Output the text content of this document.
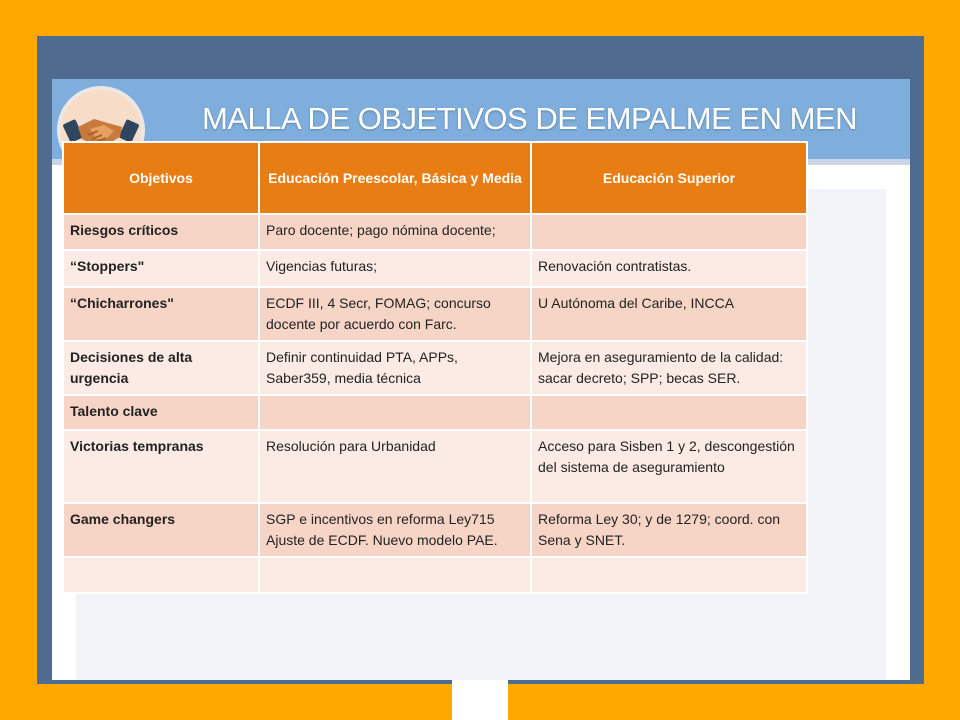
MALLA DE OBJETIVOS DE EMPALME EN MEN
Objetivos	Educación Preescolar, Básica y Media	Educación Superior
Riesgos críticos	Paro docente; pago nómina docente;	
“Stoppers"	Vigencias futuras;	Renovación contratistas.
“Chicharrones"	ECDF III, 4 Secr, FOMAG; concurso docente por acuerdo con Farc.	U Autónoma del Caribe, INCCA
Decisiones de alta urgencia	Definir continuidad PTA, APPs, Saber359, media técnica	Mejora en aseguramiento de la calidad: sacar decreto; SPP; becas SER.
Talento clave		
Victorias tempranas	Resolución para Urbanidad	Acceso para Sisben 1 y 2, descongestión del sistema de aseguramiento
Game changers	SGP e incentivos en reforma Ley715 Ajuste de ECDF. Nuevo modelo PAE.	Reforma Ley 30; y de 1279; coord. con Sena y SNET.
